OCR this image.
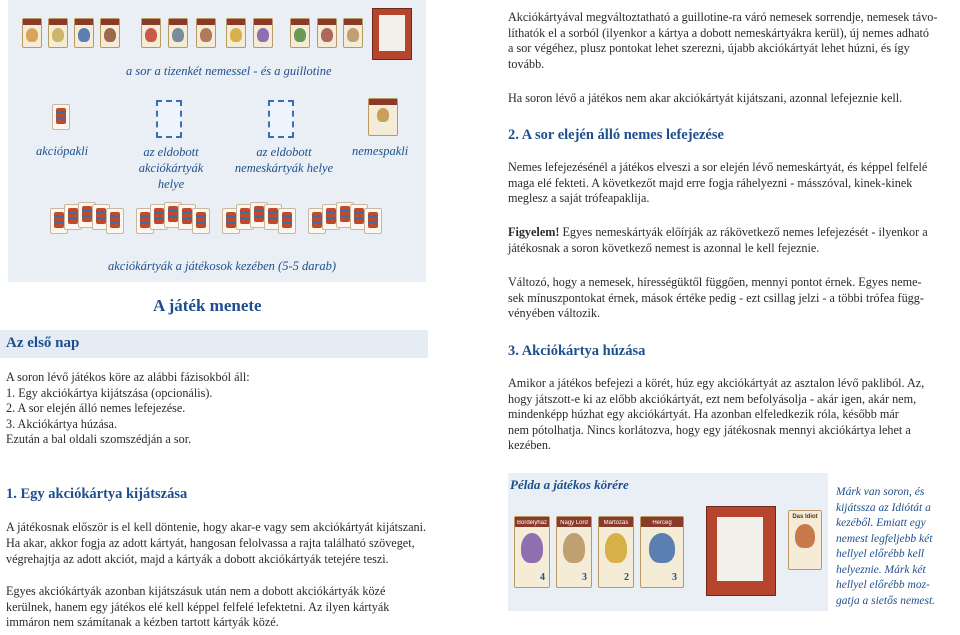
a sor a tizenkét nemessel - és a guillotine
akciópakli	az eldobott
akciókártyák helye
az eldobott
nemeskártyák helye
nemespakli
akciókártyák a játékosok kezében (5-5 darab)
A játék menete
Az első nap
A soron lévő játékos köre az alábbi fázisokból áll:
1. Egy akciókártya kijátszása (opcionális).
2. A sor elején álló nemes lefejezése.
3. Akciókártya húzása.
Ezután a bal oldali szomszédján a sor.
1. Egy akciókártya kijátszása
A játékosnak először is el kell döntenie, hogy akar-e vagy sem akciókártyát kijátszani.
Ha akar, akkor fogja az adott kártyát, hangosan felolvassa a rajta található szöveget,
végrehajtja az adott akciót, majd a kártyák a dobott akciókártyák tetejére teszi.
Egyes akciókártyák azonban kijátszásuk után nem a dobott akciókártyák közé
kerülnek, hanem egy játékos elé kell képpel felfelé lefektetni. Az ilyen kártyák
immáron nem számítanak a kézben tartott kártyák közé.
Akciókártyával megváltoztatható a guillotine-ra váró nemesek sorrendje, nemesek távo-
líthatók el a sorból (ilyenkor a kártya a dobott nemeskártyákra kerül), új nemes adható
a sor végéhez, plusz pontokat lehet szerezni, újabb akciókártyát lehet húzni, és így
tovább.
Ha soron lévő a játékos nem akar akciókártyát kijátszani, azonnal lefejeznie kell.
2. A sor elején álló nemes lefejezése
Nemes lefejezésénél a játékos elveszi a sor elején lévő nemeskártyát, és képpel felfelé
maga elé fekteti. A következőt majd erre fogja ráhelyezni - másszóval, kinek-kinek
meglesz a saját trófeapaklija.
Figyelem! Egyes nemeskártyák előírják az rákövetkező nemes lefejezését - ilyenkor a
játékosnak a soron következő nemest is azonnal le kell fejeznie.
Változó, hogy a nemesek, hírességüktől függően, mennyi pontot érnek. Egyes neme-
sek mínuszpontokat érnek, mások értéke pedig - ezt csillag jelzi - a többi trófea függ-
vényében változik.
3. Akciókártya húzása
Amikor a játékos befejezi a körét, húz egy akciókártyát az asztalon lévő pakliból. Az,
hogy játszott-e ki az előbb akciókártyát, ezt nem befolyásolja - akár igen, akár nem,
mindenképp húzhat egy akciókártyát. Ha azonban elfeledkezik róla, később már
nem pótolhatja. Nincs korlátozva, hogy egy játékosnak mennyi akciókártya lehet a
kezében.
Példa a játékos körére
Bordélyház	Nagy Lord	Mártozás	Herceg
4	3	2	3
Das Idiot
Márk van soron, és
kijátssza az Idiótát a
kezéből. Emiatt egy
nemest legfeljebb két
hellyel előrébb kell
helyeznie. Márk két
hellyel előrébb moz-
gatja a sietős nemest.
